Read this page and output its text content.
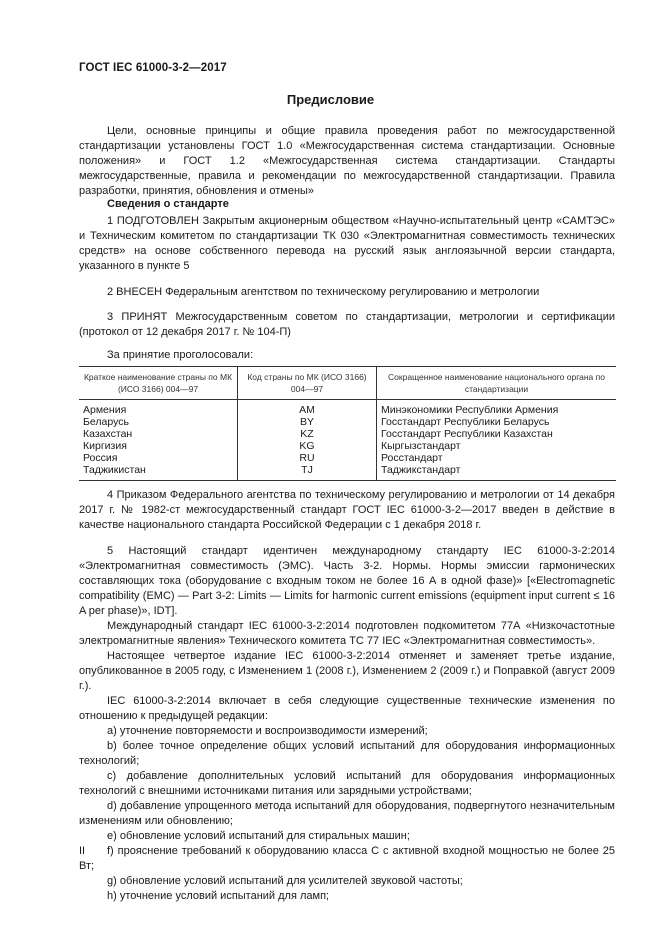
ГОСТ IEC 61000-3-2—2017
Предисловие

Цели, основные принципы и общие правила проведения работ по межгосударственной стандартизации установлены ГОСТ 1.0 «Межгосударственная система стандартизации. Основные положения» и ГОСТ 1.2 «Межгосударственная система стандартизации. Стандарты межгосударственные, правила и рекомендации по межгосударственной стандартизации. Правила разработки, принятия, обновления и отмены»

Сведения о стандарте

1 ПОДГОТОВЛЕН Закрытым акционерным обществом «Научно-испытательный центр «САМТЭС» и Техническим комитетом по стандартизации ТК 030 «Электромагнитная совместимость технических средств» на основе собственного перевода на русский язык англоязычной версии стандарта, указанного в пункте 5

2 ВНЕСЕН Федеральным агентством по техническому регулированию и метрологии

3 ПРИНЯТ Межгосударственным советом по стандартизации, метрологии и сертификации (протокол от 12 декабря 2017 г. № 104-П)

За принятие проголосовали:

Краткое наименование страны по МК (ИСО 3166) 004—97	Код страны по МК (ИСО 3166) 004—97	Сокращенное наименование национального органа по стандартизации
Армения	AM	Минэкономики Республики Армения
Беларусь	BY	Госстандарт Республики Беларусь
Казахстан	KZ	Госстандарт Республики Казахстан
Киргизия	KG	Кыргызстандарт
Россия	RU	Росстандарт
Таджикистан	TJ	Таджикстандарт

4 Приказом Федерального агентства по техническому регулированию и метрологии от 14 декабря 2017 г. № 1982-ст межгосударственный стандарт ГОСТ IEC 61000-3-2—2017 введен в действие в качестве национального стандарта Российской Федерации с 1 декабря 2018 г.

5 Настоящий стандарт идентичен международному стандарту IEC 61000-3-2:2014 «Электромагнитная совместимость (ЭМС). Часть 3-2. Нормы. Нормы эмиссии гармонических составляющих тока (оборудование с входным током не более 16 А в одной фазе)» [«Electromagnetic compatibility (EMC) — Part 3-2: Limits — Limits for harmonic current emissions (equipment input current ≤ 16 A per phase)», IDT].

Международный стандарт IEC 61000-3-2:2014 подготовлен подкомитетом 77А «Низкочастотные электромагнитные явления» Технического комитета ТС 77 IEC «Электромагнитная совместимость».

Настоящее четвертое издание IEC 61000-3-2:2014 отменяет и заменяет третье издание, опубликованное в 2005 году, с Изменением 1 (2008 г.), Изменением 2 (2009 г.) и Поправкой (август 2009 г.).

IEC 61000-3-2:2014 включает в себя следующие существенные технические изменения по отношению к предыдущей редакции:

a) уточнение повторяемости и воспроизводимости измерений;

b) более точное определение общих условий испытаний для оборудования информационных технологий;

c) добавление дополнительных условий испытаний для оборудования информационных технологий с внешними источниками питания или зарядными устройствами;

d) добавление упрощенного метода испытаний для оборудования, подвергнутого незначительным изменениям или обновлению;

e) обновление условий испытаний для стиральных машин;

f) прояснение требований к оборудованию класса С с активной входной мощностью не более 25 Вт;

g) обновление условий испытаний для усилителей звуковой частоты;

h) уточнение условий испытаний для ламп;

II
